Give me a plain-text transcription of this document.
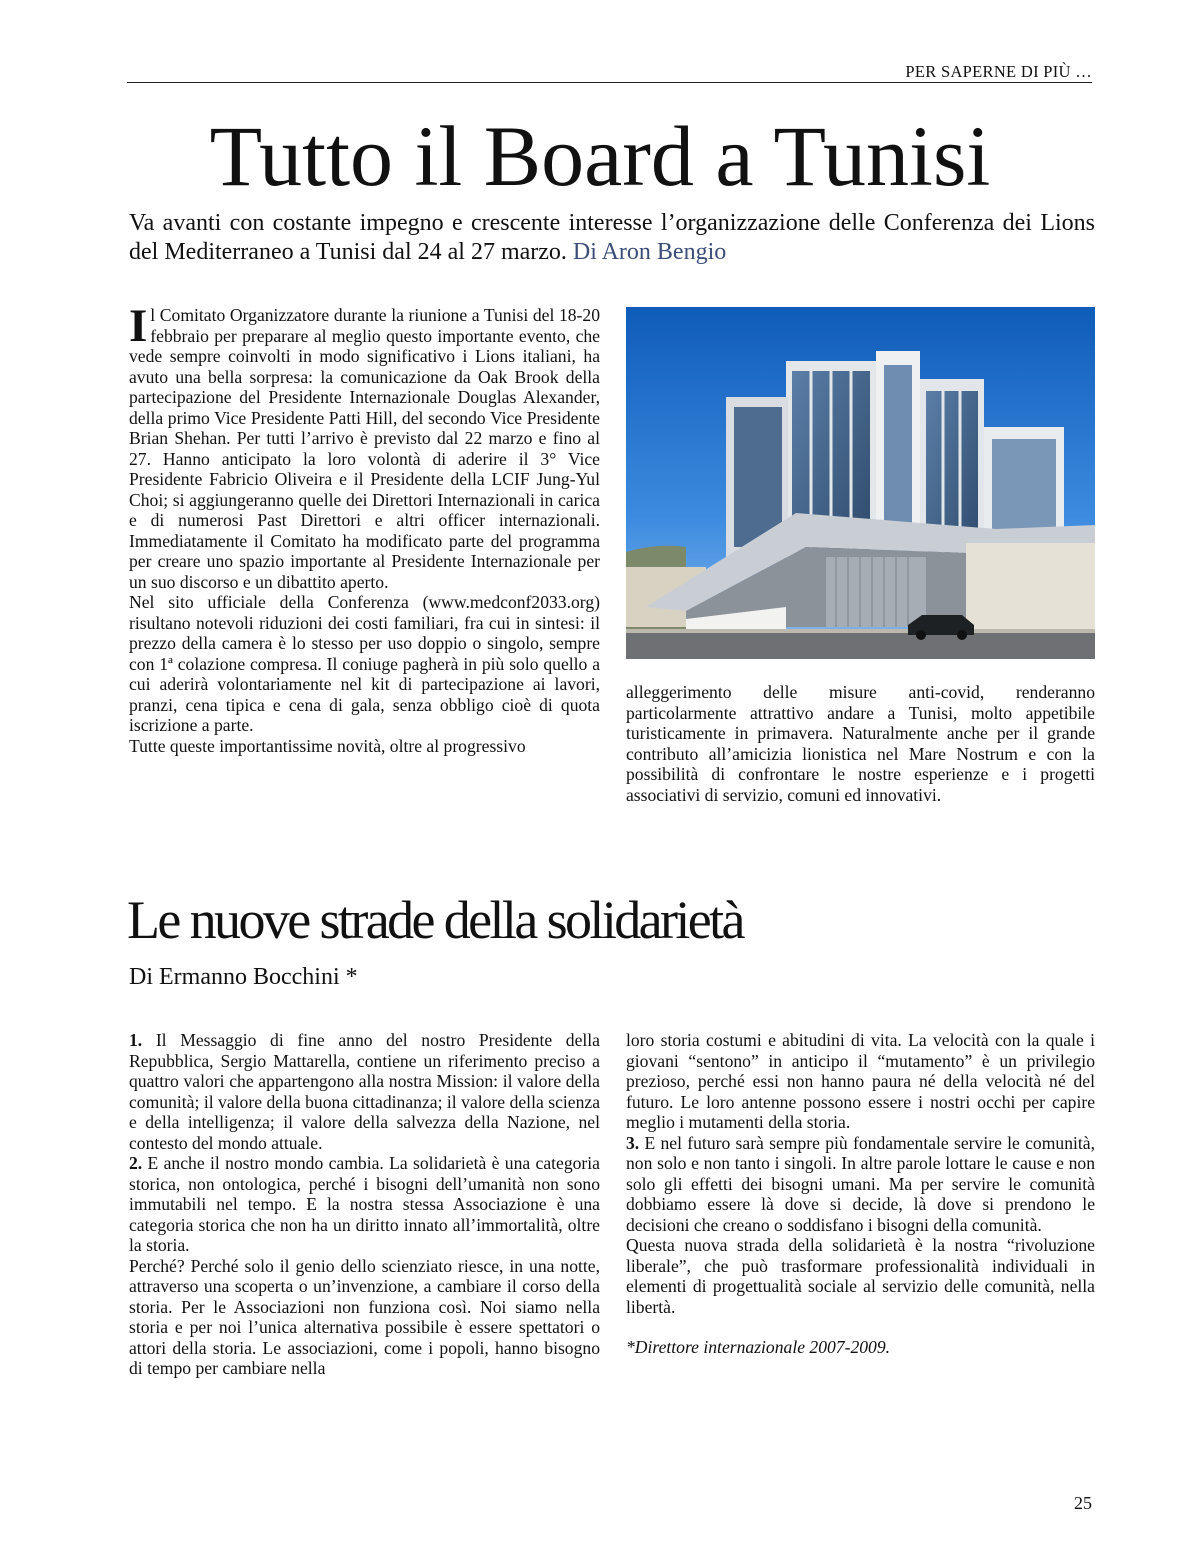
PER SAPERNE DI PIÙ …
Tutto il Board a Tunisi

Va avanti con costante impegno e crescente interesse l’organizzazione delle Conferenza dei Lions del Mediterraneo a Tunisi dal 24 al 27 marzo. Di Aron Bengio

Il Comitato Organizzatore durante la riunione a Tunisi del 18-20 febbraio per preparare al meglio questo importante evento, che vede sempre coinvolti in modo significativo i Lions italiani, ha avuto una bella sorpresa: la comunicazione da Oak Brook della partecipazione del Presidente Internazionale Douglas Alexander, della primo Vice Presidente Patti Hill, del secondo Vice Presidente Brian Shehan. Per tutti l’arrivo è previsto dal 22 marzo e fino al 27. Hanno anticipato la loro volontà di aderire il 3° Vice Presidente Fabricio Oliveira e il Presidente della LCIF Jung-Yul Choi; si aggiungeranno quelle dei Direttori Internazionali in carica e di numerosi Past Direttori e altri officer internazionali. Immediatamente il Comitato ha modificato parte del programma per creare uno spazio importante al Presidente Internazionale per un suo discorso e un dibattito aperto.

Nel sito ufficiale della Conferenza (www.medconf2033.org) risultano notevoli riduzioni dei costi familiari, fra cui in sintesi: il prezzo della camera è lo stesso per uso doppio o singolo, sempre con 1ª colazione compresa. Il coniuge pagherà in più solo quello a cui aderirà volontariamente nel kit di partecipazione ai lavori, pranzi, cena tipica e cena di gala, senza obbligo cioè di quota iscrizione a parte.

Tutte queste importantissime novità, oltre al progressivo

alleggerimento delle misure anti-covid, renderanno particolarmente attrattivo andare a Tunisi, molto appetibile turisticamente in primavera. Naturalmente anche per il grande contributo all’amicizia lionistica nel Mare Nostrum e con la possibilità di confrontare le nostre esperienze e i progetti associativi di servizio, comuni ed innovativi.

Le nuove strade della solidarietà

Di Ermanno Bocchini *

1. Il Messaggio di fine anno del nostro Presidente della Repubblica, Sergio Mattarella, contiene un riferimento preciso a quattro valori che appartengono alla nostra Mission: il valore della comunità; il valore della buona cittadinanza; il valore della scienza e della intelligenza; il valore della salvezza della Nazione, nel contesto del mondo attuale.

2. E anche il nostro mondo cambia. La solidarietà è una categoria storica, non ontologica, perché i bisogni dell’umanità non sono immutabili nel tempo. E la nostra stessa Associazione è una categoria storica che non ha un diritto innato all’immortalità, oltre la storia.

Perché? Perché solo il genio dello scienziato riesce, in una notte, attraverso una scoperta o un’invenzione, a cambiare il corso della storia. Per le Associazioni non funziona così. Noi siamo nella storia e per noi l’unica alternativa possibile è essere spettatori o attori della storia. Le associazioni, come i popoli, hanno bisogno di tempo per cambiare nella

loro storia costumi e abitudini di vita. La velocità con la quale i giovani “sentono” in anticipo il “mutamento” è un privilegio prezioso, perché essi non hanno paura né della velocità né del futuro. Le loro antenne possono essere i nostri occhi per capire meglio i mutamenti della storia.

3. E nel futuro sarà sempre più fondamentale servire le comunità, non solo e non tanto i singoli. In altre parole lottare le cause e non solo gli effetti dei bisogni umani. Ma per servire le comunità dobbiamo essere là dove si decide, là dove si prendono le decisioni che creano o soddisfano i bisogni della comunità.

Questa nuova strada della solidarietà è la nostra “rivoluzione liberale”, che può trasformare professionalità individuali in elementi di progettualità sociale al servizio delle comunità, nella libertà.

*Direttore internazionale 2007-2009.

25
